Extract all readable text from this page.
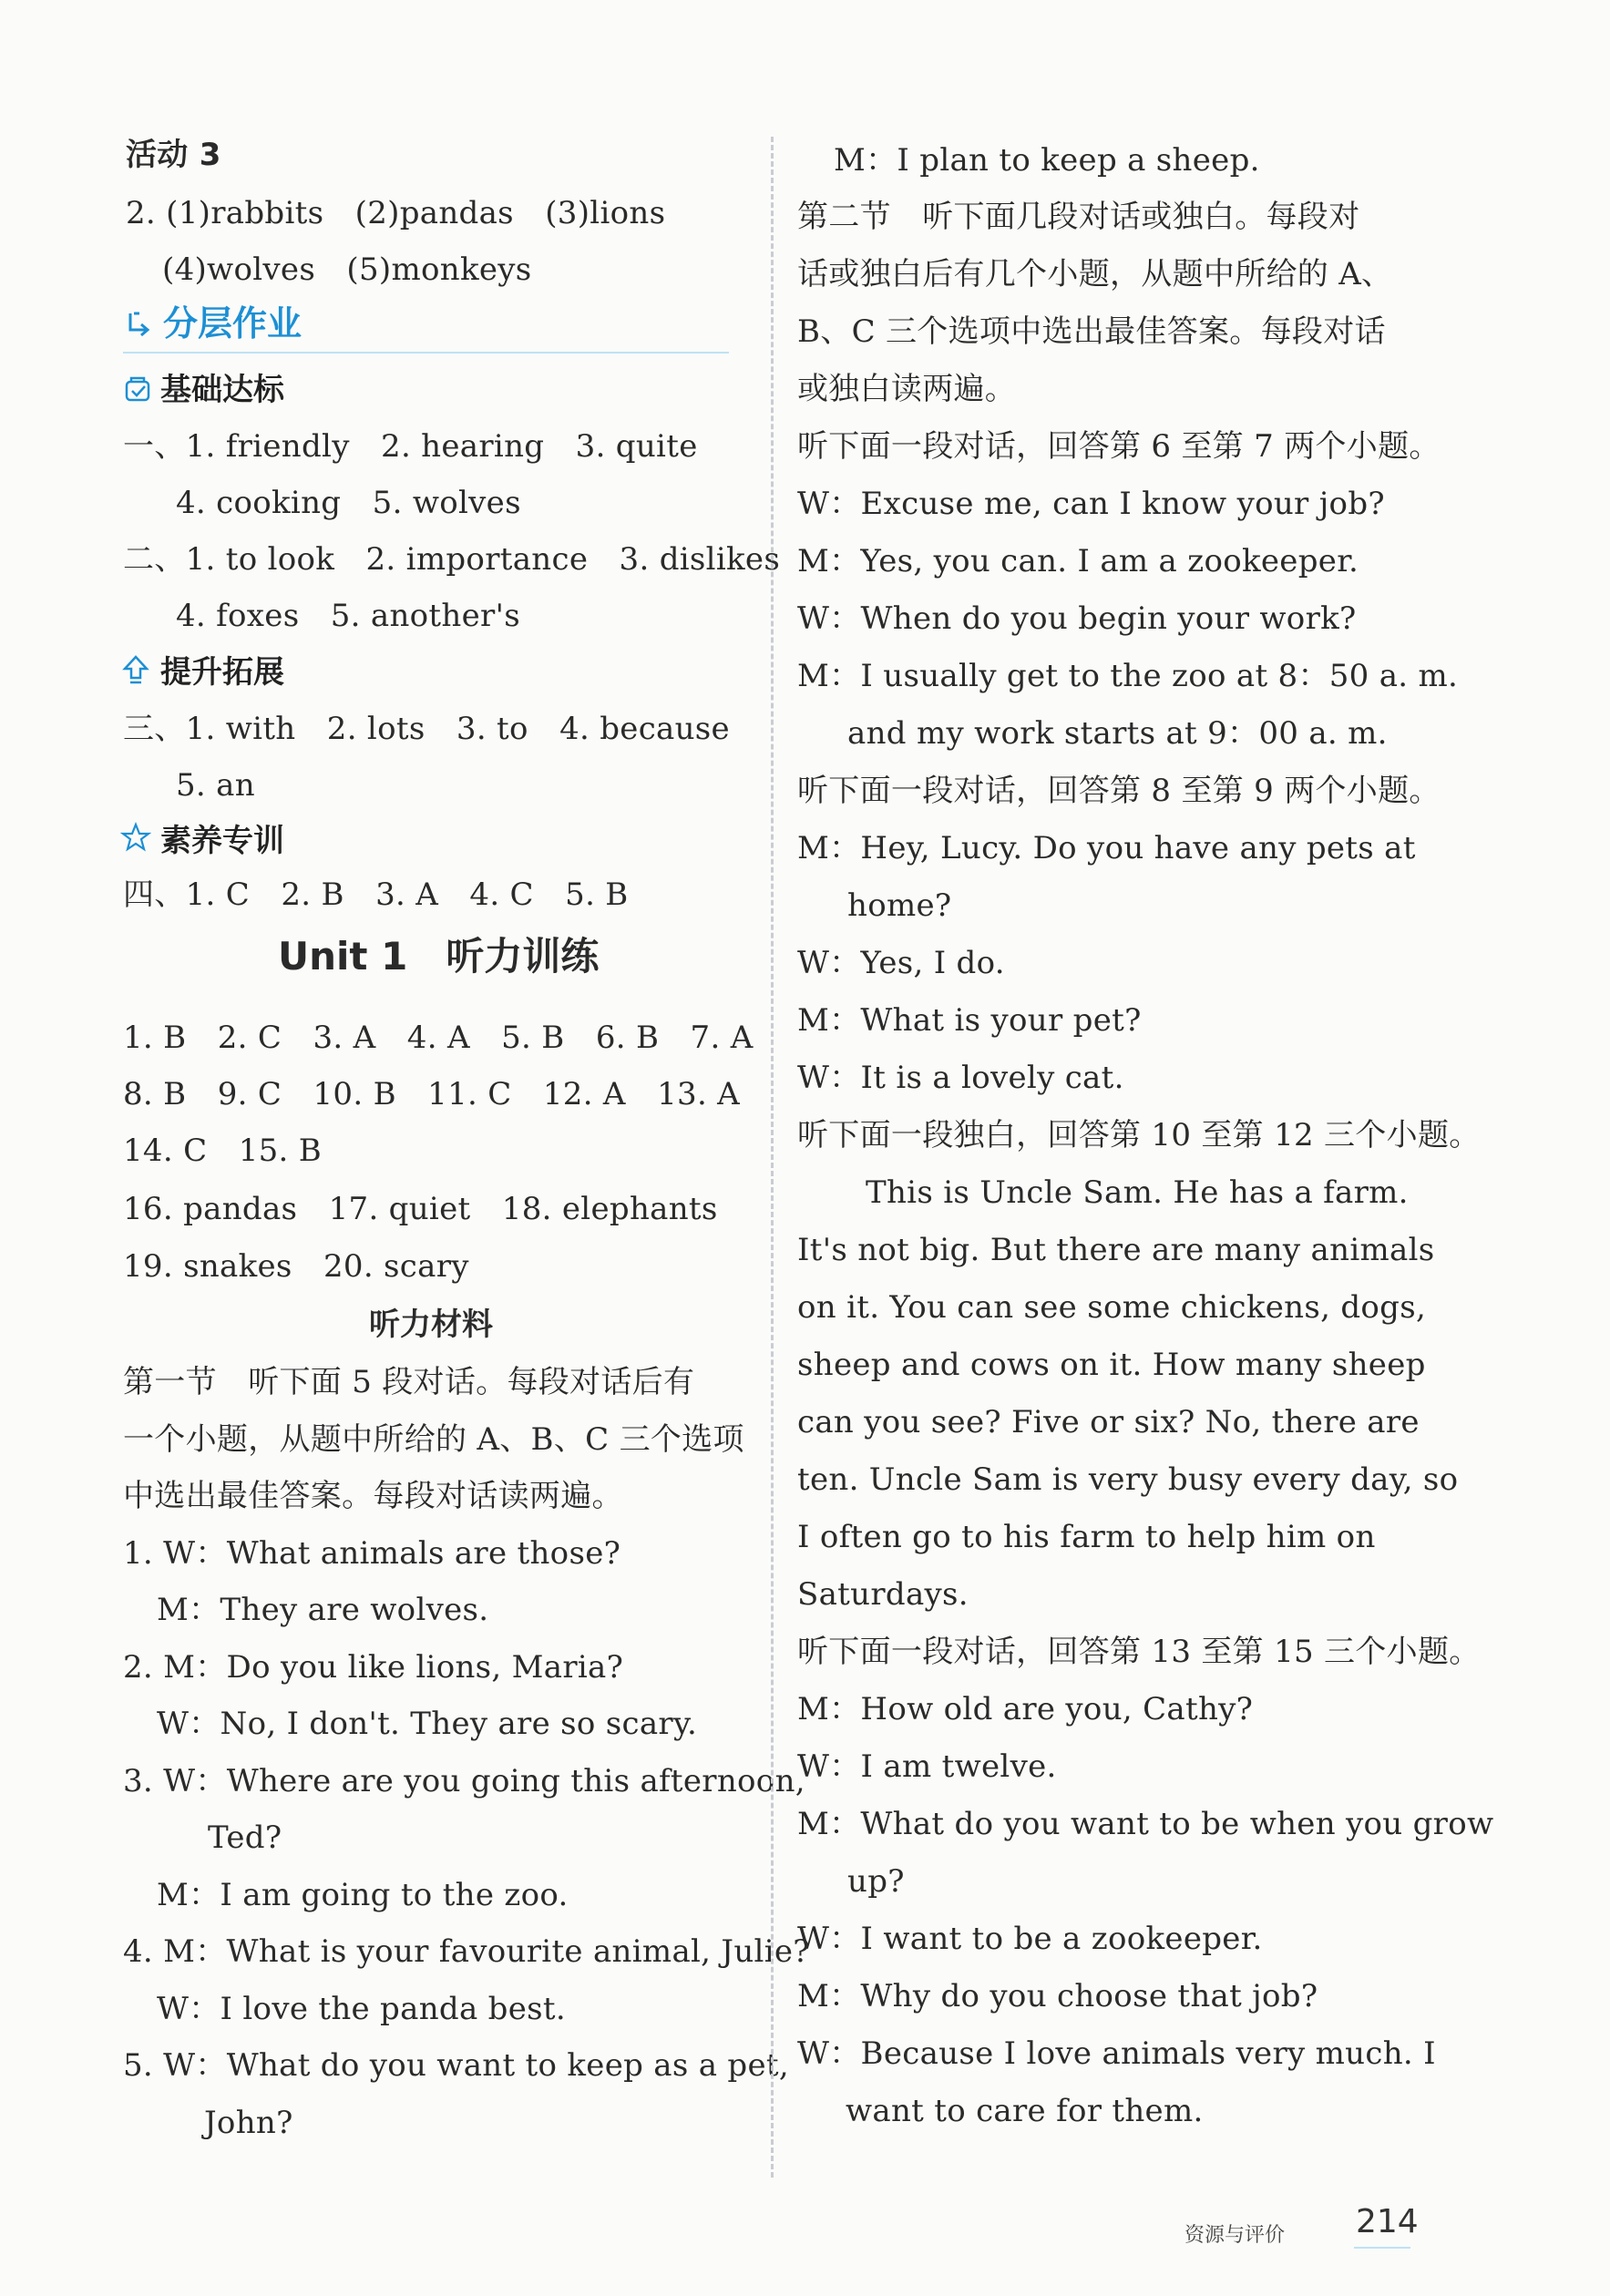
活动 3
2. (1)rabbits　(2)pandas　(3)lions
(4)wolves　(5)monkeys
分层作业
基础达标
一、1. friendly　2. hearing　3. quite
4. cooking　5. wolves
二、1. to look　2. importance　3. dislikes
4. foxes　5. another's
提升拓展
三、1. with　2. lots　3. to　4. because
5. an
素养专训
四、1. C　2. B　3. A　4. C　5. B
Unit 1　听力训练
1. B　2. C　3. A　4. A　5. B　6. B　7. A
8. B　9. C　10. B　11. C　12. A　13. A
14. C　15. B
16. pandas　17. quiet　18. elephants
19. snakes　20. scary
听力材料
第一节　听下面 5 段对话。每段对话后有
一个小题，从题中所给的 A、B、C 三个选项
中选出最佳答案。每段对话读两遍。
1. W：What animals are those?
M：They are wolves.
2. M：Do you like lions, Maria?
W：No, I don't. They are so scary.
3. W：Where are you going this afternoon,
Ted?
M：I am going to the zoo.
4. M：What is your favourite animal, Julie?
W：I love the panda best.
5. W：What do you want to keep as a pet,
John?
M：I plan to keep a sheep.
第二节　听下面几段对话或独白。每段对
话或独白后有几个小题，从题中所给的 A、
B、C 三个选项中选出最佳答案。每段对话
或独白读两遍。
听下面一段对话，回答第 6 至第 7 两个小题。
W：Excuse me, can I know your job?
M：Yes, you can. I am a zookeeper.
W：When do you begin your work?
M：I usually get to the zoo at 8：50 a. m.
and my work starts at 9：00 a. m.
听下面一段对话，回答第 8 至第 9 两个小题。
M：Hey, Lucy. Do you have any pets at
home?
W：Yes, I do.
M：What is your pet?
W：It is a lovely cat.
听下面一段独白，回答第 10 至第 12 三个小题。
This is Uncle Sam. He has a farm.
It's not big. But there are many animals
on it. You can see some chickens, dogs,
sheep and cows on it. How many sheep
can you see? Five or six? No, there are
ten. Uncle Sam is very busy every day, so
I often go to his farm to help him on
Saturdays.
听下面一段对话，回答第 13 至第 15 三个小题。
M：How old are you, Cathy?
W：I am twelve.
M：What do you want to be when you grow
up?
W：I want to be a zookeeper.
M：Why do you choose that job?
W：Because I love animals very much. I
want to care for them.
资源与评价 214
